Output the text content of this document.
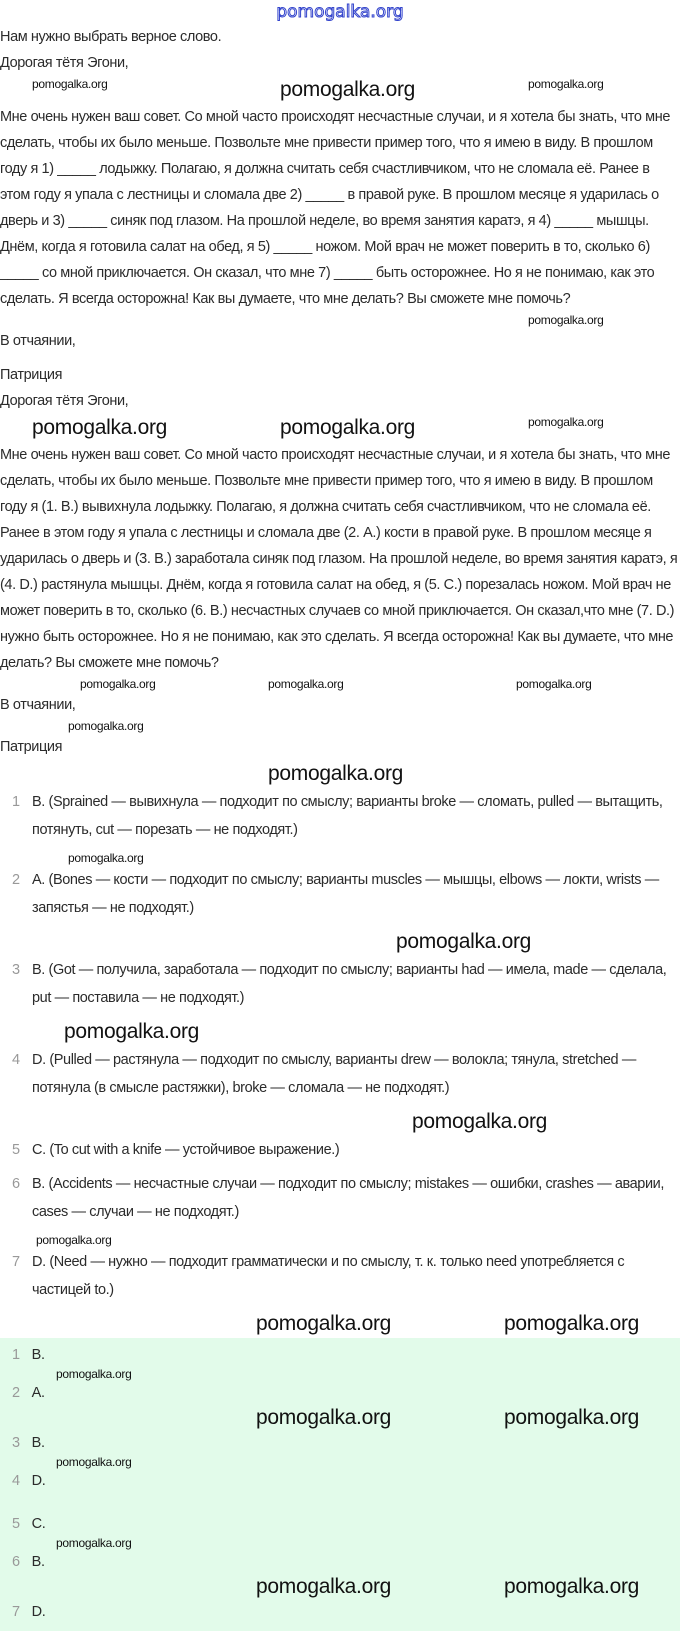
pomogalka.org

Нам нужно выбрать верное слово.

Дорогая тётя Эгони,

pomogalka.org	pomogalka.org	pomogalka.org

Мне очень нужен ваш совет. Со мной часто происходят несчастные случаи, и я хотела бы знать, что мне сделать, чтобы их было меньше. Позвольте мне привести пример того, что я имею в виду. В прошлом году я 1) _____ лодыжку. Полагаю, я должна считать себя счастливчиком, что не сломала её. Ранее в этом году я упала с лестницы и сломала две 2) _____ в правой руке. В прошлом месяце я ударилась о дверь и 3) _____ синяк под глазом. На прошлой неделе, во время занятия каратэ, я 4) _____ мышцы. Днём, когда я готовила салат на обед, я 5) _____ ножом. Мой врач не может поверить в то, сколько 6) _____ со мной приключается. Он сказал, что мне 7) _____ быть осторожнее. Но я не понимаю, как это сделать. Я всегда осторожна! Как вы думаете, что мне делать? Вы сможете мне помочь?

pomogalka.org

В отчаянии,

Патриция

Дорогая тётя Эгони,

pomogalka.org	pomogalka.org	pomogalka.org

Мне очень нужен ваш совет. Со мной часто происходят несчастные случаи, и я хотела бы знать, что мне сделать, чтобы их было меньше. Позвольте мне привести пример того, что я имею в виду. В прошлом году я (1. B.) вывихнула лодыжку. Полагаю, я должна считать себя счастливчиком, что не сломала её. Ранее в этом году я упала с лестницы и сломала две (2. A.) кости в правой руке. В прошлом месяце я ударилась о дверь и (3. B.) заработала синяк под глазом. На прошлой неделе, во время занятия каратэ, я (4. D.) растянула мышцы. Днём, когда я готовила салат на обед, я (5. C.) порезалась ножом. Мой врач не может поверить в то, сколько (6. B.) несчастных случаев со мной приключается. Он сказал,что мне (7. D.) нужно быть осторожнее. Но я не понимаю, как это сделать. Я всегда осторожна! Как вы думаете, что мне делать? Вы сможете мне помочь?

pomogalka.org	pomogalka.org	pomogalka.org

В отчаянии,

pomogalka.org

Патриция

pomogalka.org
1 B. (Sprained — вывихнула — подходит по смыслу; варианты broke — сломать, pulled — вытащить, потянуть, cut — порезать — не подходят.)
pomogalka.org
2 A. (Bones — кости — подходит по смыслу; варианты muscles — мышцы, elbows — локти, wrists — запястья — не подходят.)
pomogalka.org
3 B. (Got — получила, заработала — подходит по смыслу; варианты had — имела, made — сделала, put — поставила — не подходят.)
pomogalka.org
4 D. (Pulled — растянула — подходит по смыслу, варианты drew — волокла; тянула, stretched — потянула (в смысле растяжки), broke — сломала — не подходят.)
pomogalka.org
5 C. (To cut with a knife — устойчивое выражение.)
6 B. (Accidents — несчастные случаи — подходит по смыслу; mistakes — ошибки, crashes — аварии, cases — случаи — не подходят.)
pomogalka.org
7 D. (Need — нужно — подходит грамматически и по смыслу, т. к. только need употребляется с частицей to.)
pomogalka.org	pomogalka.org
1 B.
pomogalka.org
2 A.
pomogalka.org	pomogalka.org
3 B.
pomogalka.org
4 D.
5 C.
pomogalka.org
6 B.
pomogalka.org	pomogalka.org
7 D.
